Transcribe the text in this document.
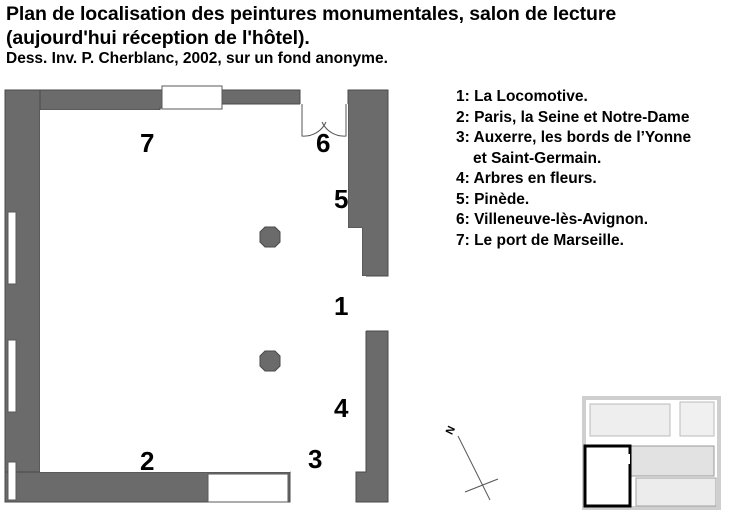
Plan de localisation des peintures monumentales, salon de lecture
(aujourd'hui réception de l'hôtel).
Dess. Inv. P. Cherblanc, 2002, sur un fond anonyme.
7	6
5
1
4
2	3
N
1: La Locomotive.
2: Paris, la Seine et Notre-Dame
3: Auxerre, les bords de l’Yonne
et Saint-Germain.
4: Arbres en fleurs.
5: Pinède.
6: Villeneuve-lès-Avignon.
7: Le port de Marseille.
